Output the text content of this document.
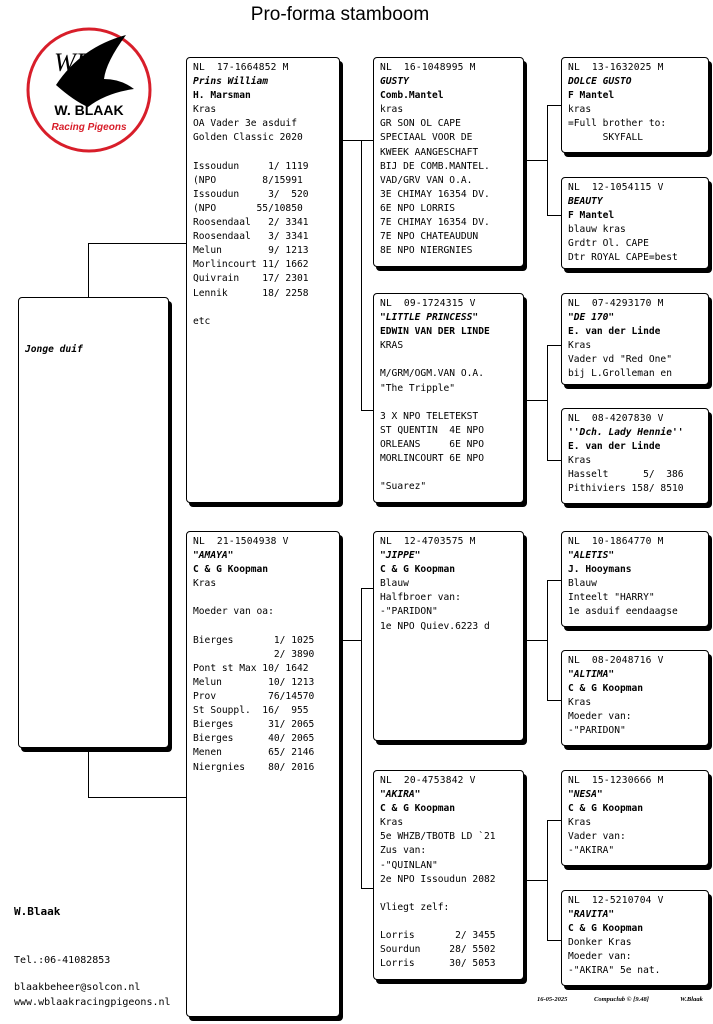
Pro-forma stamboom
WB
W. BLAAK
Racing Pigeons

Jonge duif

NL  17-1664852 M
Prins William
H. Marsman
Kras
OA Vader 3e asduif
Golden Classic 2020
Issoudun     1/ 1119
(NPO        8/15991
Issoudun     3/  520
(NPO       55/10850
Roosendaal   2/ 3341
Roosendaal   3/ 3341
Melun        9/ 1213
Morlincourt 11/ 1662
Quivrain    17/ 2301
Lennik      18/ 2258
etc
NL  21-1504938 V
"AMAYA"
C & G Koopman
Kras
Moeder van oa:
Bierges       1/ 1025
2/ 3890
Pont st Max 10/ 1642
Melun        10/ 1213
Prov         76/14570
St Souppl.  16/  955
Bierges      31/ 2065
Bierges      40/ 2065
Menen        65/ 2146
Niergnies    80/ 2016
NL  16-1048995 M
GUSTY
Comb.Mantel
kras
GR SON OL CAPE
SPECIAAL VOOR DE
KWEEK AANGESCHAFT
BIJ DE COMB.MANTEL.
VAD/GRV VAN O.A.
3E CHIMAY 16354 DV.
6E NPO LORRIS
7E CHIMAY 16354 DV.
7E NPO CHATEAUDUN
8E NPO NIERGNIES
NL  09-1724315 V
"LITTLE PRINCESS"
EDWIN VAN DER LINDE
KRAS
M/GRM/OGM.VAN O.A.
"The Tripple"
3 X NPO TELETEKST
ST QUENTIN  4E NPO
ORLEANS     6E NPO
MORLINCOURT 6E NPO
"Suarez"
NL  12-4703575 M
"JIPPE"
C & G Koopman
Blauw
Halfbroer van:
-"PARIDON"
1e NPO Quiev.6223 d
NL  20-4753842 V
"AKIRA"
C & G Koopman
Kras
5e WHZB/TBOTB LD `21
Zus van:
-"QUINLAN"
2e NPO Issoudun 2082
Vliegt zelf:
Lorris       2/ 3455
Sourdun     28/ 5502
Lorris      30/ 5053
NL  13-1632025 M
DOLCE GUSTO
F Mantel
kras
=Full brother to:
SKYFALL
NL  12-1054115 V
BEAUTY
F Mantel
blauw kras
Grdtr Ol. CAPE
Dtr ROYAL CAPE=best
NL  07-4293170 M
"DE 170"
E. van der Linde
Kras
Vader vd "Red One"
bij L.Grolleman en
NL  08-4207830 V
''Dch. Lady Hennie''
E. van der Linde
Kras
Hasselt      5/  386
Pithiviers 158/ 8510
NL  10-1864770 M
"ALETIS"
J. Hooymans
Blauw
Inteelt "HARRY"
1e asduif eendaagse
NL  08-2048716 V
"ALTIMA"
C & G Koopman
Kras
Moeder van:
-"PARIDON"
NL  15-1230666 M
"NESA"
C & G Koopman
Kras
Vader van:
-"AKIRA"
NL  12-5210704 V
"RAVITA"
C & G Koopman
Donker Kras
Moeder van:
-"AKIRA" 5e nat.
W.Blaak
Tel.:06-41082853
blaakbeheer@solcon.nl
www.wblaakracingpigeons.nl	16-05-2025	Compuclub © [9.48]	W.Blaak
